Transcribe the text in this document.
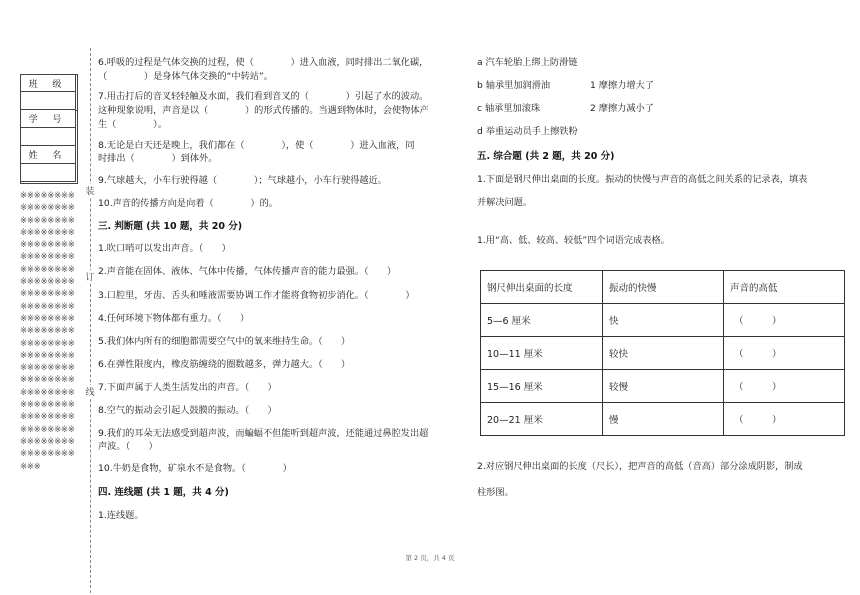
班 级
学 号
姓 名
※※※※※※※※※※※※※※※※※※※※※※※※※※※※※※※※※※※※※※※※※※※※※※※※※※※※※※※※※※※※※※※※※※※※※※※※※※※※※※※※※※※※※※※※※※※※※※※※※※※※※※※※※※※※※※※※※※※※※※※※※※※※※※※※※※※※※※※※※※※※※※※※※※※※※※※※※※※※※※※※※※※※※※※※※※※※※※※※※※※
装
订
线
6.呼吸的过程是气体交换的过程，使（　　　　）进入血液，同时排出二氧化碳，
（　　　　）是身体气体交换的“中转站”。
7.用击打后的音叉轻轻触及水面，我们看到音叉的（　　　　）引起了水的波动。
这种现象说明，声音是以（　　　　）的形式传播的。当遇到物体时，会使物体产
生（　　　　）。
8.无论是白天还是晚上，我们都在（　　　　），使（　　　　）进入血液，同
时排出（　　　　）到体外。
9.气球越大，小车行驶得越（　　　　）；气球越小，小车行驶得越近。
10.声音的传播方向是向着（　　　　）的。
三. 判断题 (共 10 题，共 20 分)
1.吹口哨可以发出声音。（　　）
2.声音能在固体、液体、气体中传播，气体传播声音的能力最强。（　　）
3.口腔里，牙齿、舌头和唾液需要协调工作才能将食物初步消化。（　　　　）
4.任何环境下物体都有重力。（　　）
5.我们体内所有的细胞都需要空气中的氧来维持生命。（　　）
6.在弹性限度内，橡皮筋缠绕的圈数越多，弹力越大。（　　）
7.下面声属于人类生活发出的声音。（　　）
8.空气的振动会引起人鼓膜的振动。（　　）
9.我们的耳朵无法感受到超声波，而蝙蝠不但能听到超声波，还能通过鼻腔发出超
声波。（　　）
10.牛奶是食物，矿泉水不是食物。（　　　　）
四. 连线题 (共 1 题，共 4 分)
1.连线题。
a 汽车轮胎上绑上防滑链
b 轴承里加润滑油	1 摩擦力增大了
c 轴承里加滚珠	2 摩擦力减小了
d 举重运动员手上擦铁粉
五. 综合题 (共 2 题，共 20 分)
1.下面是钢尺伸出桌面的长度。振动的快慢与声音的高低之间关系的记录表，填表
并解决问题。
1.用“高、低、较高、较低”四个词语完成表格。
钢尺伸出桌面的长度	振动的快慢	声音的高低
5—6 厘米	快	（　　　）
10—11 厘米	较快	（　　　）
15—16 厘米	较慢	（　　　）
20—21 厘米	慢	（　　　）
2.对应钢尺伸出桌面的长度（尺长），把声音的高低（音高）部分涂成阴影，制成
柱形图。
第 2 页，共 4 页
